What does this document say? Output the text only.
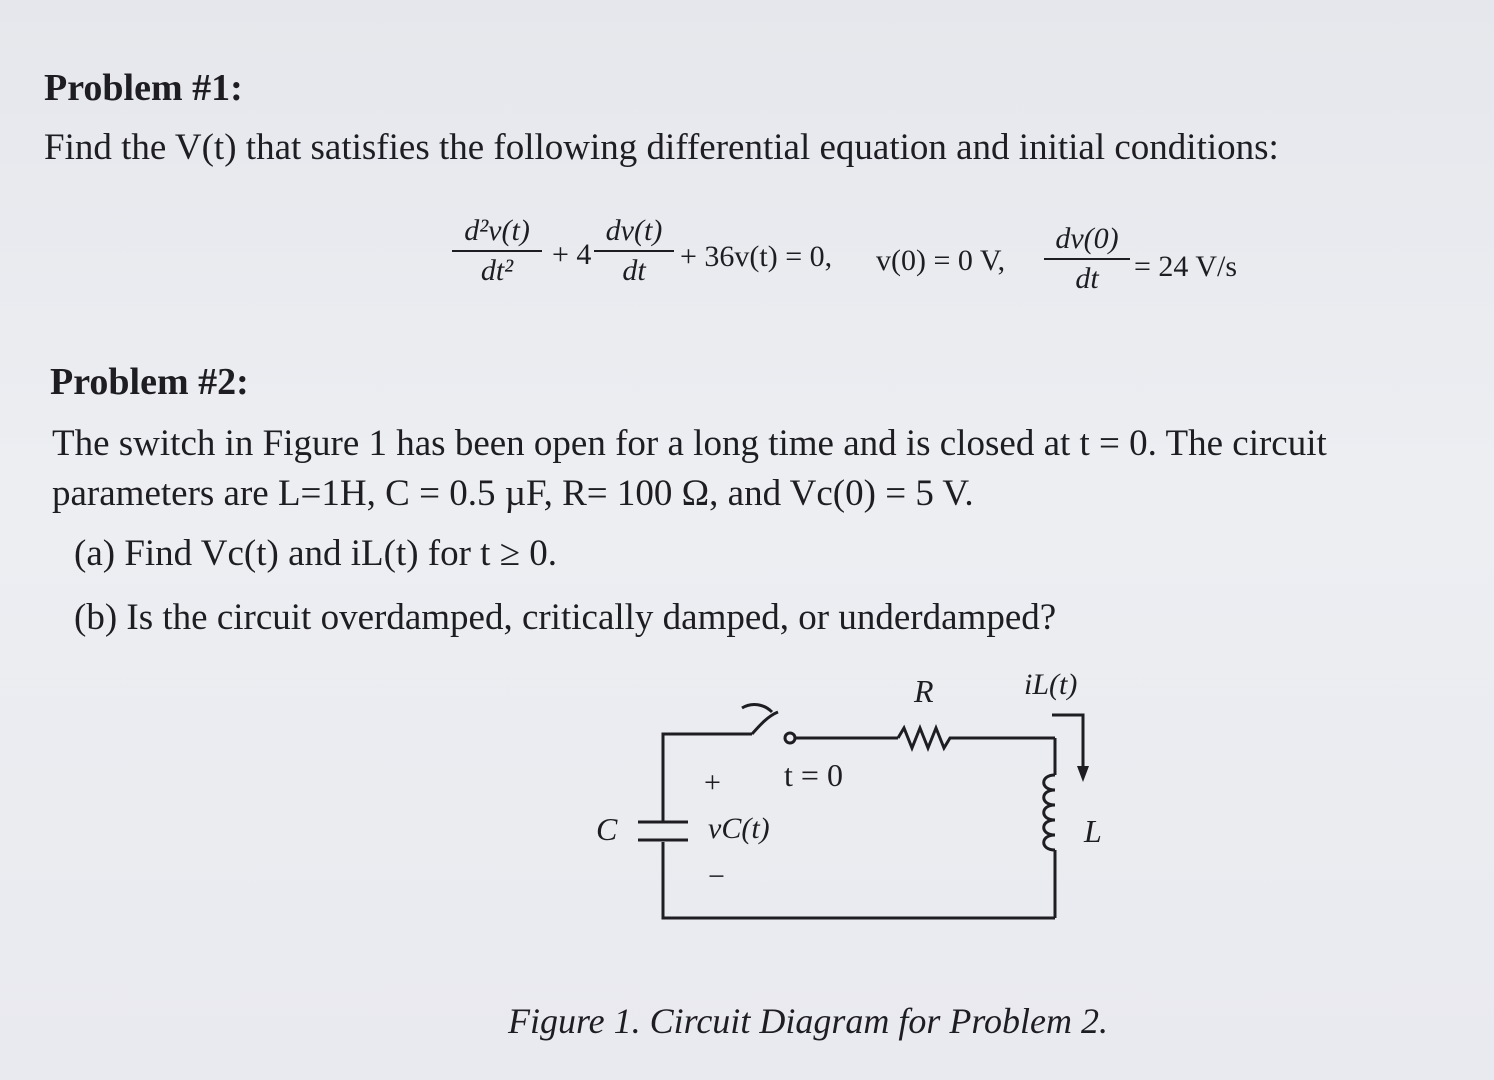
Problem #1:
Find the V(t) that satisfies the following differential equation and initial conditions:
d²v(t)
dt²	+ 4
dv(t)
dt	+ 36v(t) = 0, v(0) = 0 V,
dv(0)
dt	= 24 V/s
Problem #2:
The switch in Figure 1 has been open for a long time and is closed at t = 0. The circuit
parameters are L=1H, C = 0.5 µF, R= 100 Ω, and Vc(0) = 5 V.
(a) Find Vc(t) and iL(t) for t ≥ 0.
(b) Is the circuit overdamped, critically damped, or underdamped?
R	iL(t)
t = 0
+
vC(t)
−
C	L
Figure 1. Circuit Diagram for Problem 2.
